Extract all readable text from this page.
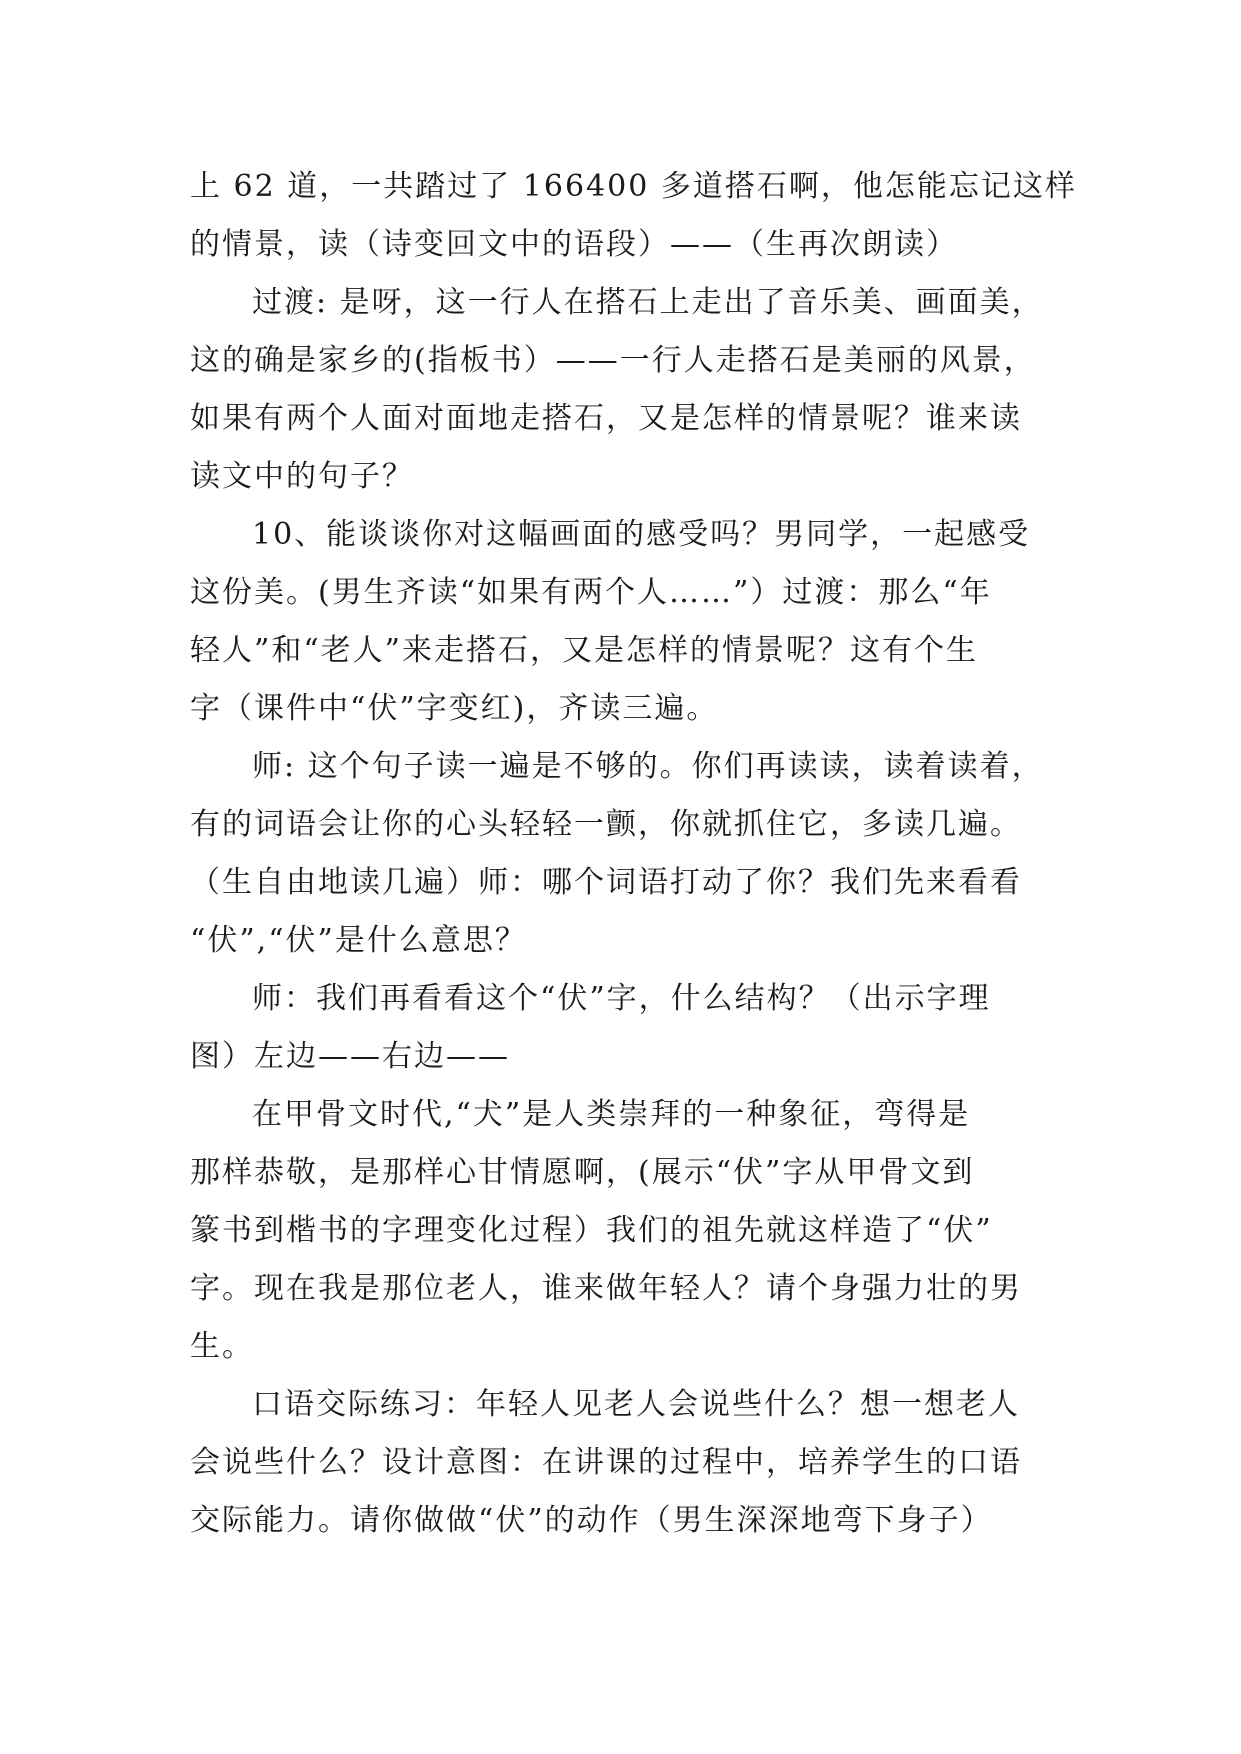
上 62 道，一共踏过了 166400 多道搭石啊，他怎能忘记这样
的情景，读（诗变回文中的语段）——（生再次朗读）
过渡: 是呀，这一行人在搭石上走出了音乐美、画面美，
这的确是家乡的(指板书）——一行人走搭石是美丽的风景，
如果有两个人面对面地走搭石，又是怎样的情景呢？谁来读
读文中的句子？
10、能谈谈你对这幅画面的感受吗？男同学，一起感受
这份美。(男生齐读“如果有两个人……”）过渡：那么“年
轻人”和“老人”来走搭石，又是怎样的情景呢？这有个生
字（课件中“伏”字变红)，齐读三遍。
师: 这个句子读一遍是不够的。你们再读读，读着读着，
有的词语会让你的心头轻轻一颤，你就抓住它，多读几遍。
（生自由地读几遍）师：哪个词语打动了你？我们先来看看
“伏”,“伏”是什么意思？
师：我们再看看这个“伏”字，什么结构？（出示字理
图）左边——右边——
在甲骨文时代,“犬”是人类崇拜的一种象征，弯得是
那样恭敬，是那样心甘情愿啊，(展示“伏”字从甲骨文到
篆书到楷书的字理变化过程）我们的祖先就这样造了“伏”
字。现在我是那位老人，谁来做年轻人？请个身强力壮的男
生。
口语交际练习：年轻人见老人会说些什么？想一想老人
会说些什么？设计意图：在讲课的过程中，培养学生的口语
交际能力。请你做做“伏”的动作（男生深深地弯下身子）
